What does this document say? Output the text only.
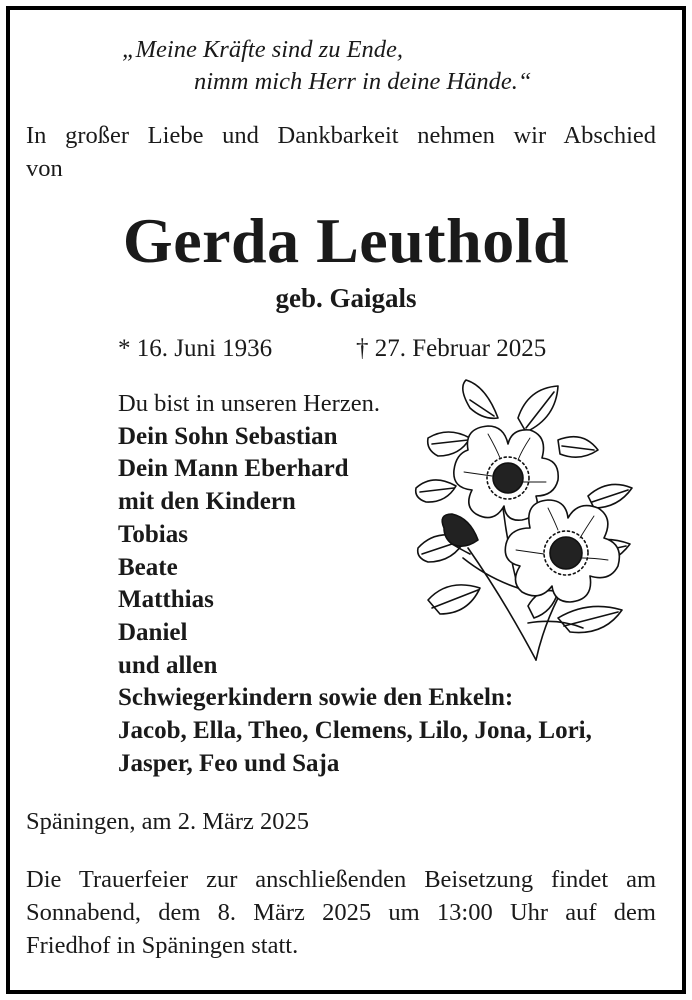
„Meine Kräfte sind zu Ende,
nimm mich Herr in deine Hände.“
In großer Liebe und Dankbarkeit nehmen wir Abschied
von
Gerda Leuthold
geb. Gaigals
* 16. Juni 1936	† 27. Februar 2025
Du bist in unseren Herzen.
Dein Sohn Sebastian
Dein Mann Eberhard
mit den Kindern
Tobias
Beate
Matthias
Daniel
und allen
Schwiegerkindern sowie den Enkeln:
Jacob, Ella, Theo, Clemens, Lilo, Jona, Lori,
Jasper, Feo und Saja
Späningen, am 2. März 2025
Die Trauerfeier zur anschließenden Beisetzung findet am
Sonnabend, dem 8. März 2025 um 13:00 Uhr auf dem
Friedhof in Späningen statt.
